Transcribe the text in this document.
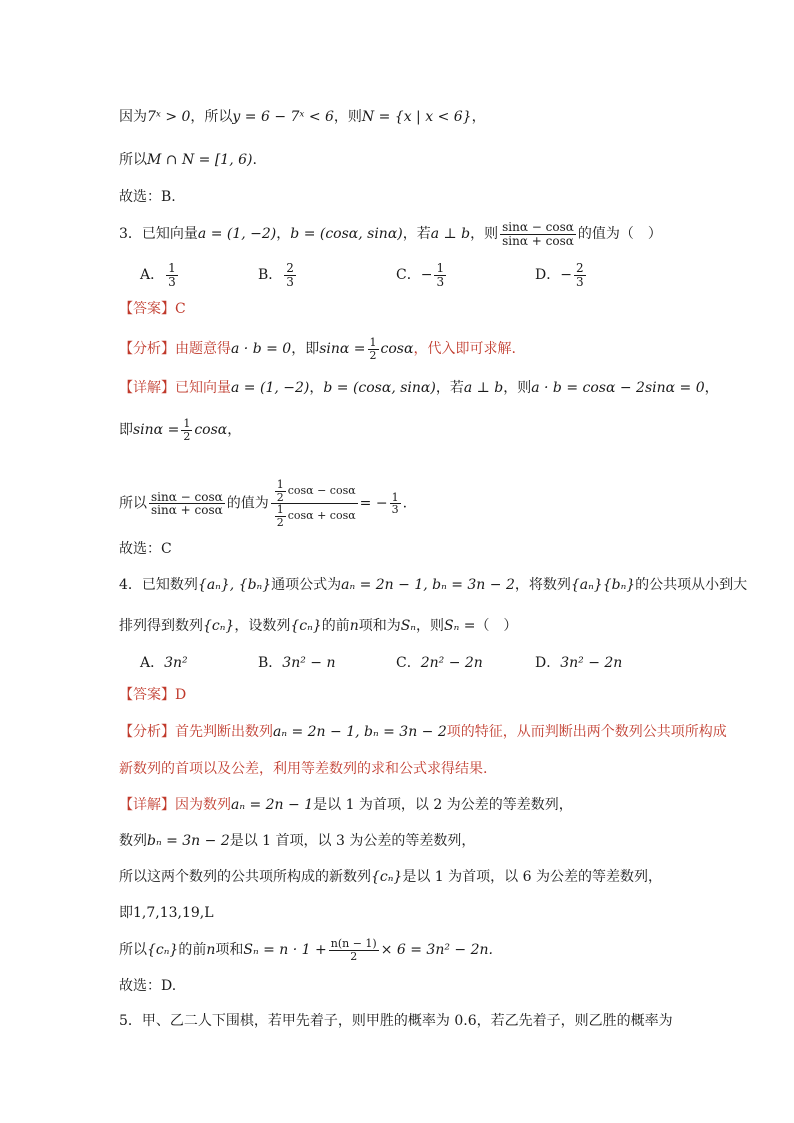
因为7ˣ > 0，所以y = 6 − 7ˣ < 6，则N = {x | x < 6}，
所以M ∩ N = [1, 6).
故选：B.
3．已知向量a = (1, −2)，b = (cosα, sinα)，若a ⊥ b，则 $\frac{\sin\alpha - \cos\alpha}{\sin\alpha + \cos\alpha}$ 的值为（　）
A． $\frac{1}{3}$	B． $\frac{2}{3}$	C．− $\frac{1}{3}$	D．− $\frac{2}{3}$
【答案】C
【分析】由题意得a · b = 0，即$\sin\alpha = \frac{1}{2}$ cosα，代入即可求解.
【详解】已知向量a = (1, −2)，b = (cosα, sinα)，若a ⊥ b，则a · b = cosα − 2sinα = 0，
即$\sin\alpha = \frac{1}{2}$ cosα，
所以 $\frac{\sin\alpha - \cos\alpha}{\sin\alpha + \cos\alpha}$ 的值为 $\frac{\frac{1}{2} \cos\alpha - \cos\alpha}{\frac{1}{2} \cos\alpha + \cos\alpha}$ = − $\frac{1}{3}$ .
故选：C
4．已知数列{aₙ}, {bₙ}通项公式为aₙ = 2n − 1, bₙ = 3n − 2，将数列{aₙ}{bₙ}的公共项从小到大
排列得到数列{cₙ}，设数列{cₙ}的前n项和为Sₙ，则Sₙ =（　）
A．3n²	B．3n² − n	C．2n² − 2n	D．3n² − 2n
【答案】D
【分析】首先判断出数列aₙ = 2n − 1, bₙ = 3n − 2项的特征，从而判断出两个数列公共项所构成
新数列的首项以及公差，利用等差数列的求和公式求得结果.
【详解】因为数列aₙ = 2n − 1是以 1 为首项，以 2 为公差的等差数列，
数列bₙ = 3n − 2是以 1 首项，以 3 为公差的等差数列，
所以这两个数列的公共项所构成的新数列{cₙ}是以 1 为首项，以 6 为公差的等差数列，
即1,7,13,19,L
所以{cₙ}的前n项和$S_n = n \cdot 1 + \frac{n(n - 1)}{2} \times 6 = 3n^2 - 2n$.
故选：D.
5．甲、乙二人下围棋，若甲先着子，则甲胜的概率为 0.6，若乙先着子，则乙胜的概率为
